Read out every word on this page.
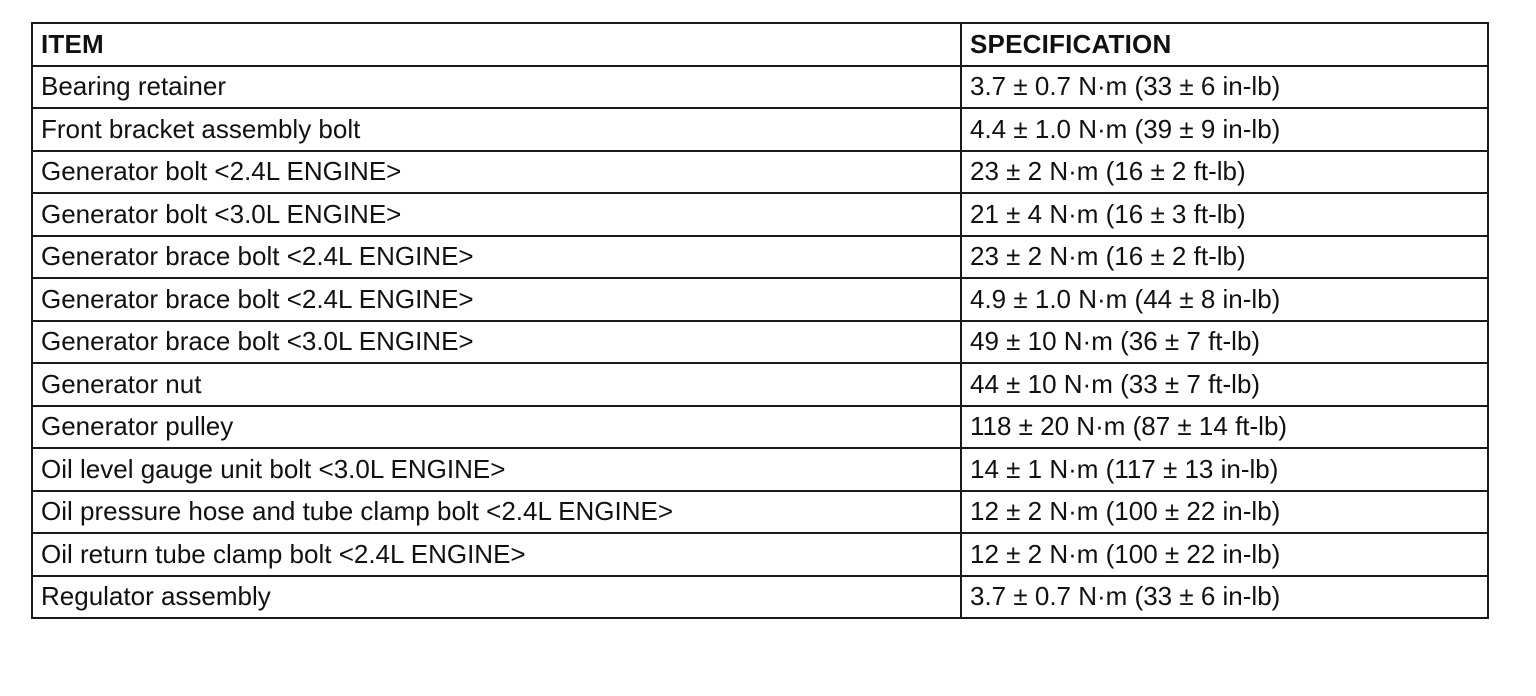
ITEM	SPECIFICATION
Bearing retainer	3.7 ± 0.7 N·m (33 ± 6 in-lb)
Front bracket assembly bolt	4.4 ± 1.0 N·m (39 ± 9 in-lb)
Generator bolt <2.4L ENGINE>	23 ± 2 N·m (16 ± 2 ft-lb)
Generator bolt <3.0L ENGINE>	21 ± 4 N·m (16 ± 3 ft-lb)
Generator brace bolt <2.4L ENGINE>	23 ± 2 N·m (16 ± 2 ft-lb)
Generator brace bolt <2.4L ENGINE>	4.9 ± 1.0 N·m (44 ± 8 in-lb)
Generator brace bolt <3.0L ENGINE>	49 ± 10 N·m (36 ± 7 ft-lb)
Generator nut	44 ± 10 N·m (33 ± 7 ft-lb)
Generator pulley	118 ± 20 N·m (87 ± 14 ft-lb)
Oil level gauge unit bolt <3.0L ENGINE>	14 ± 1 N·m (117 ± 13 in-lb)
Oil pressure hose and tube clamp bolt <2.4L ENGINE>	12 ± 2 N·m (100 ± 22 in-lb)
Oil return tube clamp bolt <2.4L ENGINE>	12 ± 2 N·m (100 ± 22 in-lb)
Regulator assembly	3.7 ± 0.7 N·m (33 ± 6 in-lb)
